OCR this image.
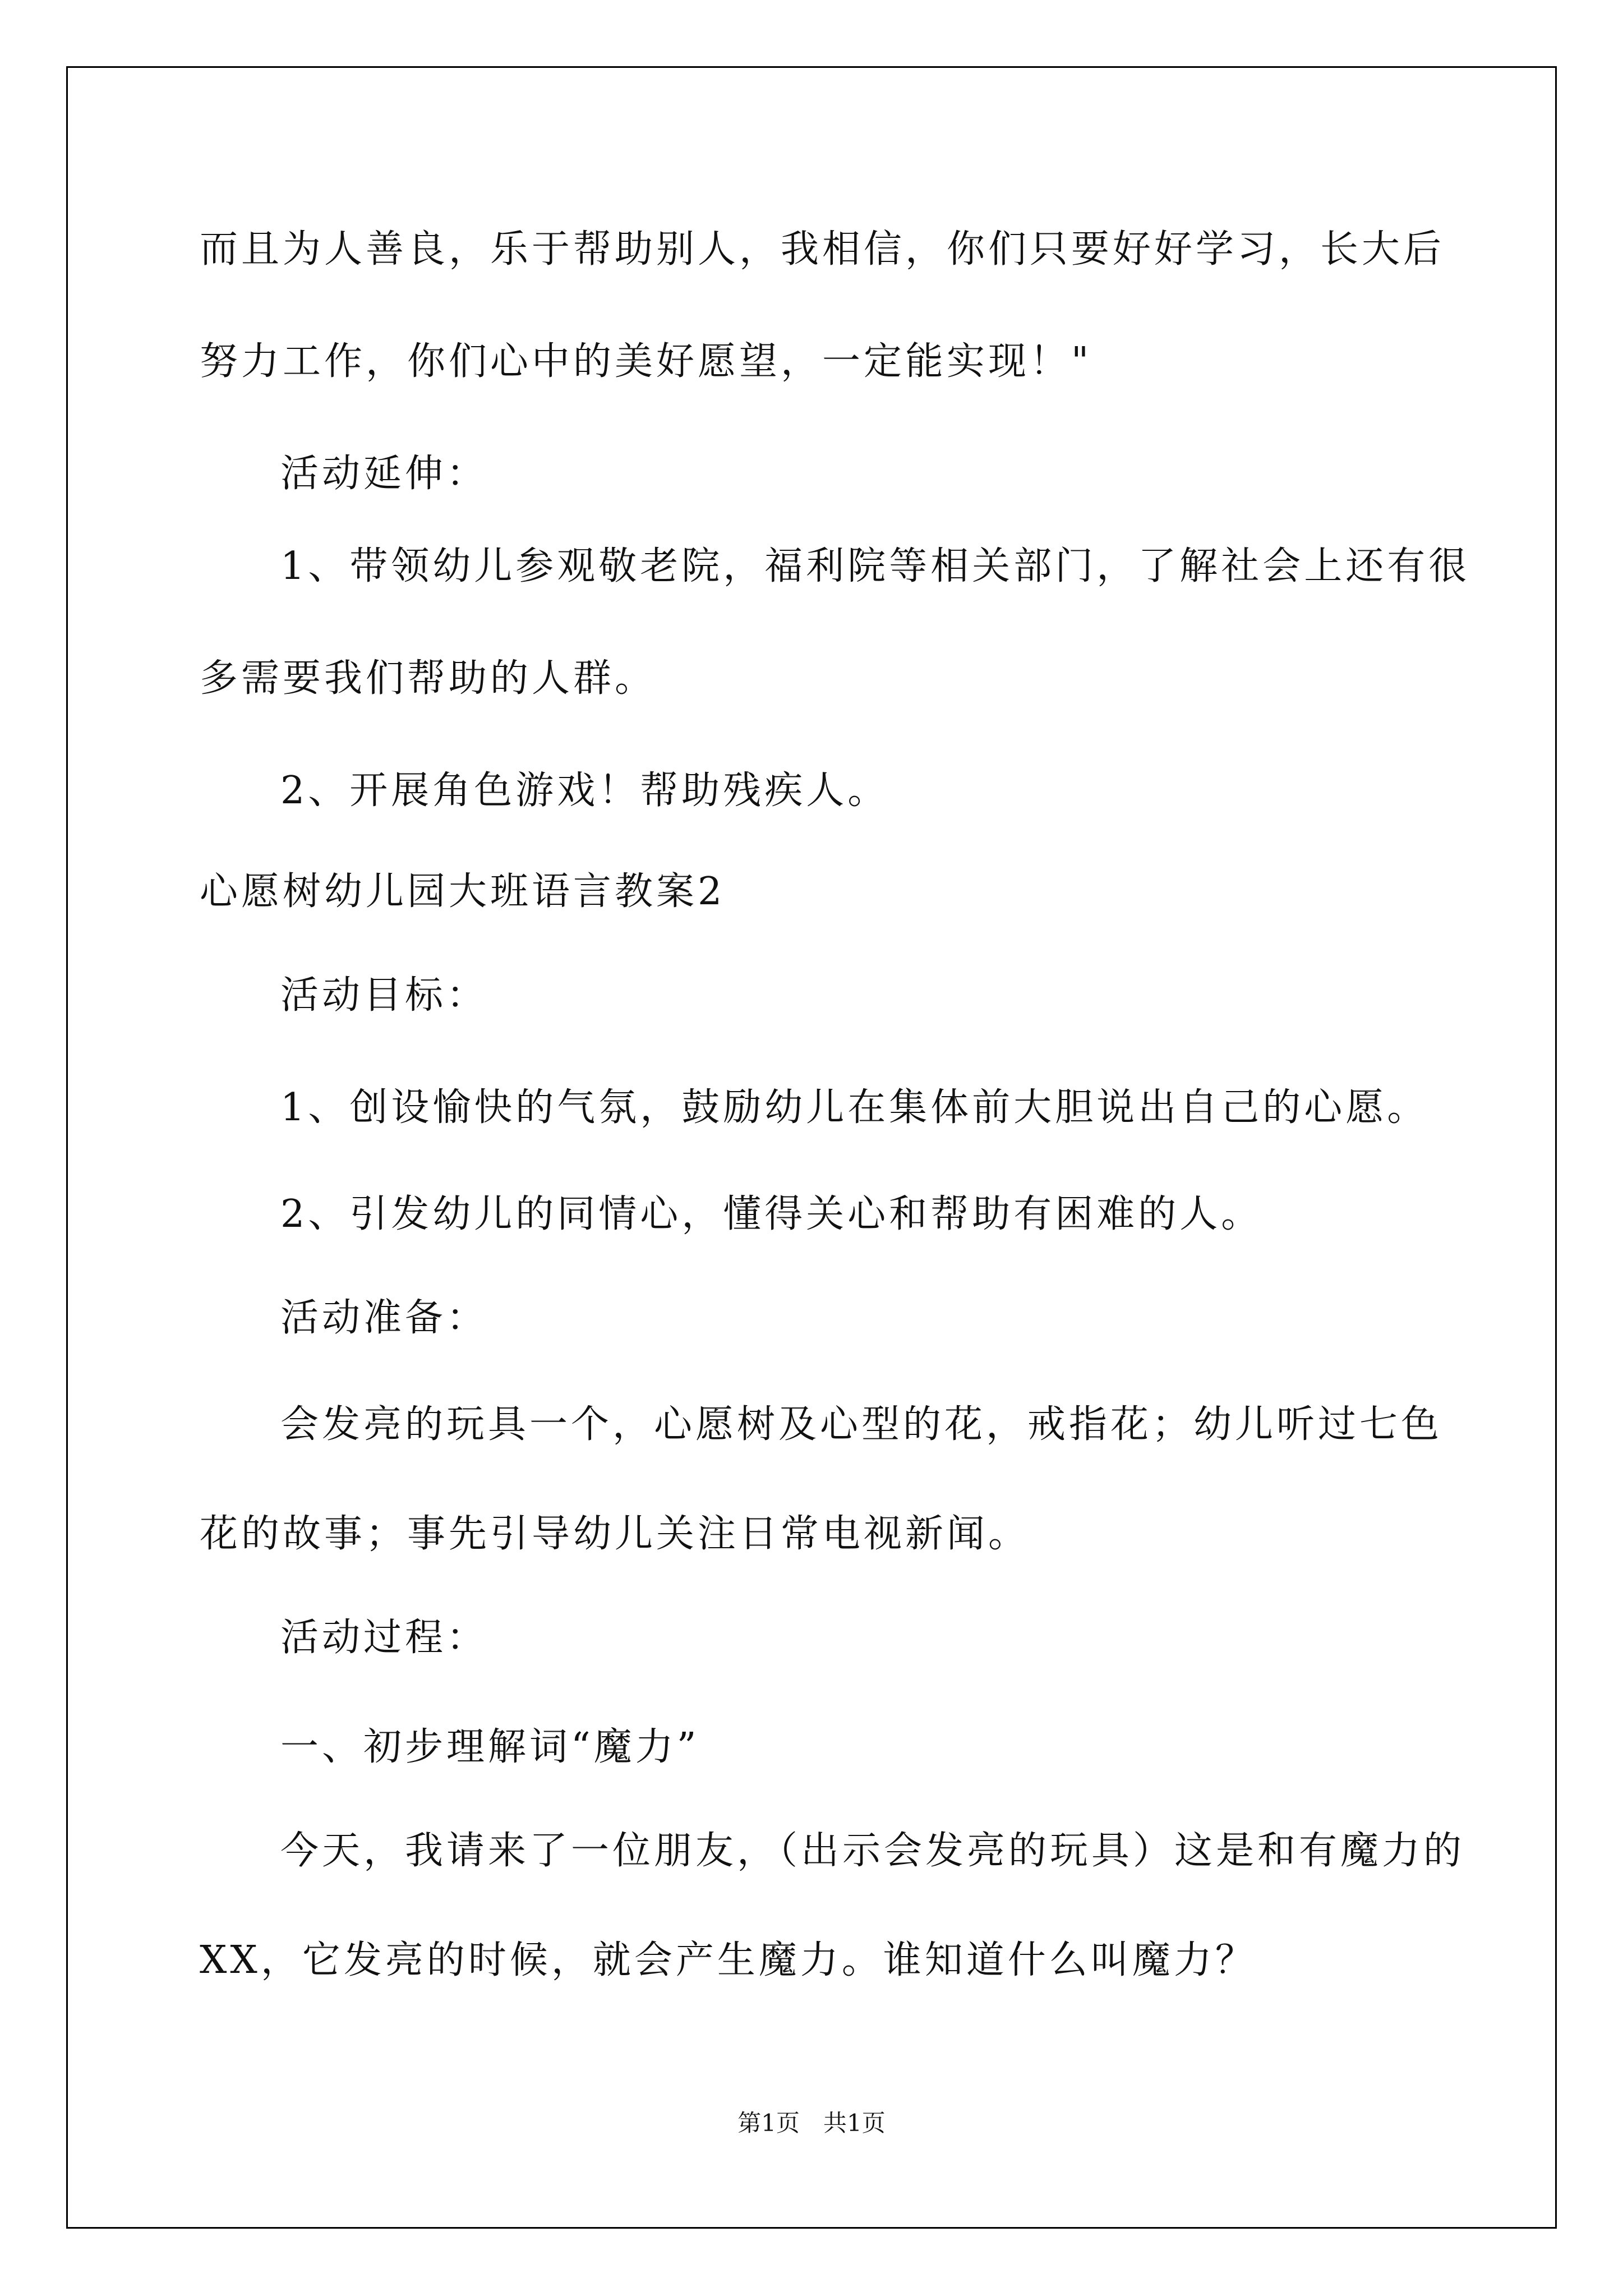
而且为人善良，乐于帮助别人，我相信，你们只要好好学习，长大后
努力工作，你们心中的美好愿望，一定能实现！"
活动延伸：
1、带领幼儿参观敬老院，福利院等相关部门，了解社会上还有很
多需要我们帮助的人群。
2、开展角色游戏！帮助残疾人。
心愿树幼儿园大班语言教案2
活动目标：
1、创设愉快的气氛，鼓励幼儿在集体前大胆说出自己的心愿。
2、引发幼儿的同情心，懂得关心和帮助有困难的人。
活动准备：
会发亮的玩具一个，心愿树及心型的花，戒指花；幼儿听过七色
花的故事；事先引导幼儿关注日常电视新闻。
活动过程：
一、初步理解词“魔力”
今天，我请来了一位朋友，（出示会发亮的玩具）这是和有魔力的
XX，它发亮的时候，就会产生魔力。谁知道什么叫魔力？
第1页　共1页
